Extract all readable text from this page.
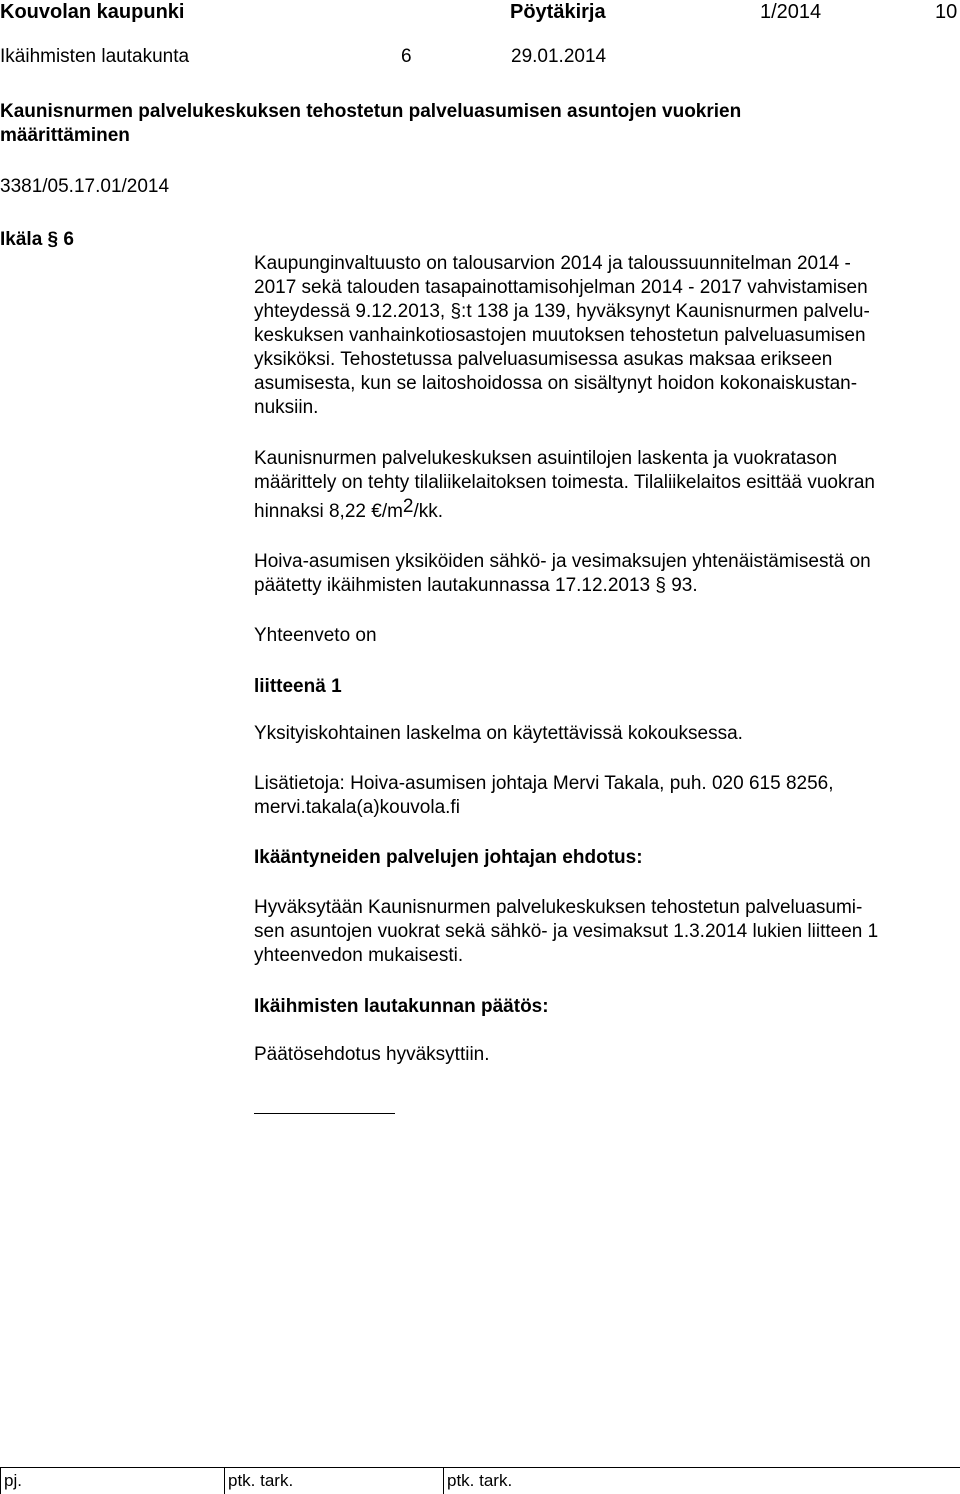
Kouvolan kaupunki	Pöytäkirja	1/2014	10
Ikäihmisten lautakunta	6	29.01.2014
Kaunisnurmen palvelukeskuksen tehostetun palveluasumisen asuntojen vuokrien
määrittäminen
3381/05.17.01/2014
Ikäla § 6
Kaupunginvaltuusto on talousarvion 2014 ja taloussuunnitelman 2014 -
2017 sekä talouden tasapainottamisohjelman 2014 - 2017 vahvistamisen
yhteydessä 9.12.2013, §:t 138 ja 139, hyväksynyt Kaunisnurmen palvelu-
keskuksen vanhainkotiosastojen muutoksen tehostetun palveluasumisen
yksiköksi. Tehostetussa palveluasumisessa asukas maksaa erikseen
asumisesta, kun se laitoshoidossa on sisältynyt hoidon kokonaiskustan-
nuksiin.
Kaunisnurmen palvelukeskuksen asuintilojen laskenta ja vuokratason
määrittely on tehty tilaliikelaitoksen toimesta. Tilaliikelaitos esittää vuokran
hinnaksi 8,22 $€/m^2/kk$.
Hoiva-asumisen yksiköiden sähkö- ja vesimaksujen yhtenäistämisestä on
päätetty ikäihmisten lautakunnassa 17.12.2013 § 93.
Yhteenveto on
liitteenä 1
Yksityiskohtainen laskelma on käytettävissä kokouksessa.
Lisätietoja: Hoiva-asumisen johtaja Mervi Takala, puh. 020 615 8256,
mervi.takala(a)kouvola.fi
Ikääntyneiden palvelujen johtajan ehdotus:
Hyväksytään Kaunisnurmen palvelukeskuksen tehostetun palveluasumi-
sen asuntojen vuokrat sekä sähkö- ja vesimaksut 1.3.2014 lukien liitteen 1
yhteenvedon mukaisesti.
Ikäihmisten lautakunnan päätös:
Päätösehdotus hyväksyttiin.
pj.	ptk. tark.	ptk. tark.
